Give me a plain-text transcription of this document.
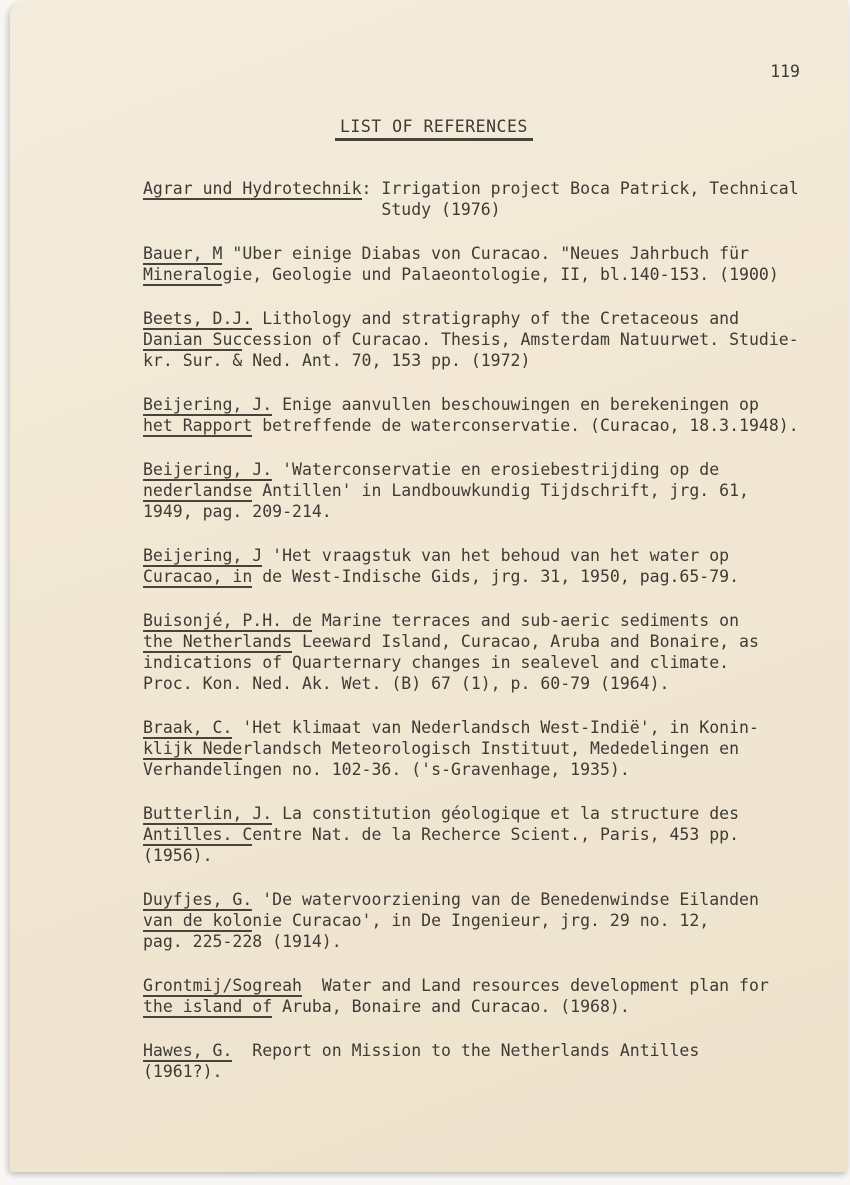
119
LIST OF REFERENCES
Agrar und Hydrotechnik: Irrigation project Boca Patrick, Technical
Study (1976)
Bauer, M "Uber einige Diabas von Curacao. "Neues Jahrbuch für
Mineralogie, Geologie und Palaeontologie, II, bl.140-153. (1900)
Beets, D.J. Lithology and stratigraphy of the Cretaceous and
Danian Succession of Curacao. Thesis, Amsterdam Natuurwet. Studie-
kr. Sur. & Ned. Ant. 70, 153 pp. (1972)
Beijering, J. Enige aanvullen beschouwingen en berekeningen op
het Rapport betreffende de waterconservatie. (Curacao, 18.3.1948).
Beijering, J. 'Waterconservatie en erosiebestrijding op de
nederlandse Antillen' in Landbouwkundig Tijdschrift, jrg. 61,
1949, pag. 209-214.
Beijering, J 'Het vraagstuk van het behoud van het water op
Curacao, in de West-Indische Gids, jrg. 31, 1950, pag.65-79.
Buisonjé, P.H. de Marine terraces and sub-aeric sediments on
the Netherlands Leeward Island, Curacao, Aruba and Bonaire, as
indications of Quarternary changes in sealevel and climate.
Proc. Kon. Ned. Ak. Wet. (B) 67 (1), p. 60-79 (1964).
Braak, C. 'Het klimaat van Nederlandsch West-Indië', in Konin-
klijk Nederlandsch Meteorologisch Instituut, Mededelingen en
Verhandelingen no. 102-36. ('s-Gravenhage, 1935).
Butterlin, J. La constitution géologique et la structure des
Antilles. Centre Nat. de la Recherce Scient., Paris, 453 pp.
(1956).
Duyfjes, G. 'De watervoorziening van de Benedenwindse Eilanden
van de kolonie Curacao', in De Ingenieur, jrg. 29 no. 12,
pag. 225-228 (1914).
Grontmij/Sogreah  Water and Land resources development plan for
the island of Aruba, Bonaire and Curacao. (1968).
Hawes, G.  Report on Mission to the Netherlands Antilles
(1961?).
